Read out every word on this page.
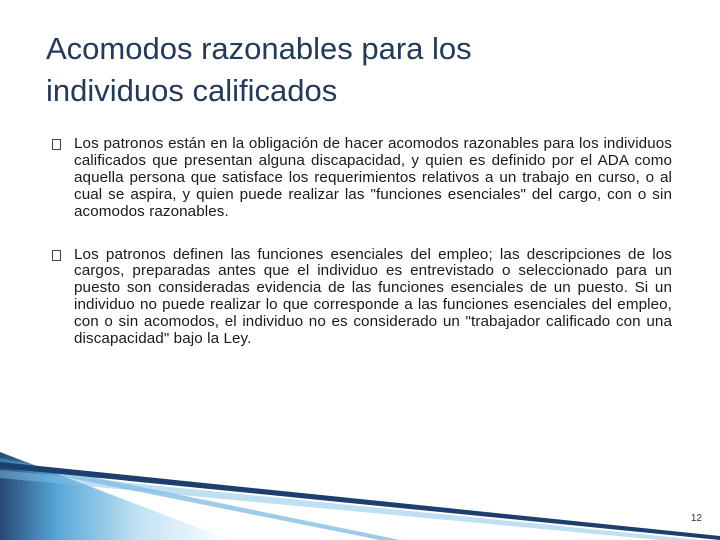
Acomodos razonables para los
individuos calificados
Los patronos están en la obligación de hacer acomodos razonables para los individuos calificados que presentan alguna discapacidad, y quien es definido por el ADA como aquella persona que satisface los requerimientos relativos a un trabajo en curso, o al cual se aspira, y quien puede realizar las "funciones esenciales" del cargo, con o sin acomodos razonables.
Los patronos definen las funciones esenciales del empleo; las descripciones de los cargos, preparadas antes que el individuo es entrevistado o seleccionado para un puesto son consideradas evidencia de las funciones esenciales de un puesto. Si un individuo no puede realizar lo que corresponde a las funciones esenciales del empleo, con o sin acomodos, el individuo no es considerado un "trabajador calificado con una discapacidad" bajo la Ley.
12
